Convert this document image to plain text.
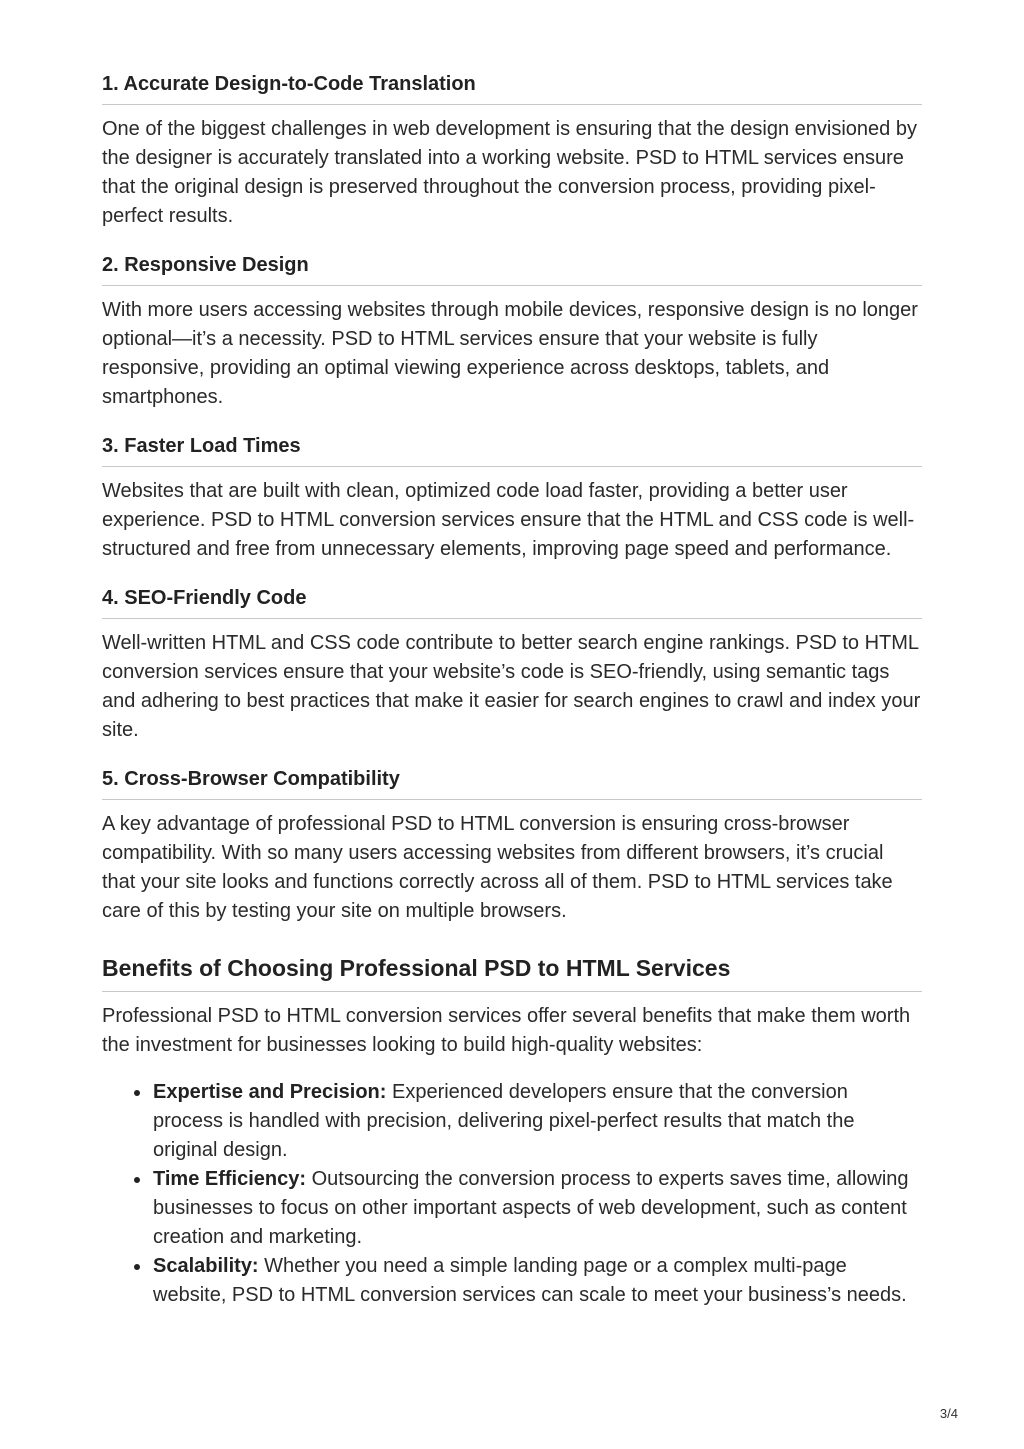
1. Accurate Design-to-Code Translation

One of the biggest challenges in web development is ensuring that the design envisioned by the designer is accurately translated into a working website. PSD to HTML services ensure that the original design is preserved throughout the conversion process, providing pixel-perfect results.

2. Responsive Design

With more users accessing websites through mobile devices, responsive design is no longer optional—it’s a necessity. PSD to HTML services ensure that your website is fully responsive, providing an optimal viewing experience across desktops, tablets, and smartphones.

3. Faster Load Times

Websites that are built with clean, optimized code load faster, providing a better user experience. PSD to HTML conversion services ensure that the HTML and CSS code is well-structured and free from unnecessary elements, improving page speed and performance.

4. SEO-Friendly Code

Well-written HTML and CSS code contribute to better search engine rankings. PSD to HTML conversion services ensure that your website’s code is SEO-friendly, using semantic tags and adhering to best practices that make it easier for search engines to crawl and index your site.

5. Cross-Browser Compatibility

A key advantage of professional PSD to HTML conversion is ensuring cross-browser compatibility. With so many users accessing websites from different browsers, it’s crucial that your site looks and functions correctly across all of them. PSD to HTML services take care of this by testing your site on multiple browsers.

Benefits of Choosing Professional PSD to HTML Services

Professional PSD to HTML conversion services offer several benefits that make them worth the investment for businesses looking to build high-quality websites:

Expertise and Precision: Experienced developers ensure that the conversion process is handled with precision, delivering pixel-perfect results that match the original design.
Time Efficiency: Outsourcing the conversion process to experts saves time, allowing businesses to focus on other important aspects of web development, such as content creation and marketing.
Scalability: Whether you need a simple landing page or a complex multi-page website, PSD to HTML conversion services can scale to meet your business’s needs.
3/4
